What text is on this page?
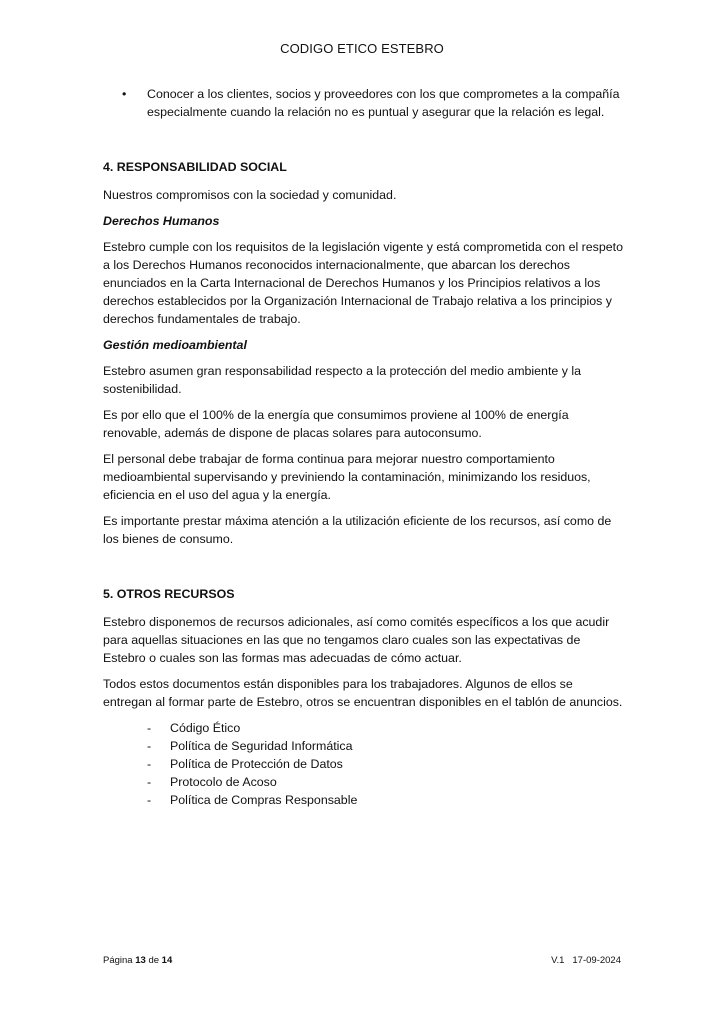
CODIGO ETICO ESTEBRO
• Conocer a los clientes, socios y proveedores con los que comprometes a la compañía especialmente cuando la relación no es puntual y asegurar que la relación es legal.
4. RESPONSABILIDAD SOCIAL

Nuestros compromisos con la sociedad y comunidad.

Derechos Humanos

Estebro cumple con los requisitos de la legislación vigente y está comprometida con el respeto a los Derechos Humanos reconocidos internacionalmente, que abarcan los derechos enunciados en la Carta Internacional de Derechos Humanos y los Principios relativos a los derechos establecidos por la Organización Internacional de Trabajo relativa a los principios y derechos fundamentales de trabajo.

Gestión medioambiental

Estebro asumen gran responsabilidad respecto a la protección del medio ambiente y la sostenibilidad.

Es por ello que el 100% de la energía que consumimos proviene al 100% de energía renovable, además de dispone de placas solares para autoconsumo.

El personal debe trabajar de forma continua para mejorar nuestro comportamiento medioambiental supervisando y previniendo la contaminación, minimizando los residuos, eficiencia en el uso del agua y la energía.

Es importante prestar máxima atención a la utilización eficiente de los recursos, así como de los bienes de consumo.

5. OTROS RECURSOS

Estebro disponemos de recursos adicionales, así como comités específicos a los que acudir para aquellas situaciones en las que no tengamos claro cuales son las expectativas de Estebro o cuales son las formas mas adecuadas de cómo actuar.

Todos estos documentos están disponibles para los trabajadores. Algunos de ellos se entregan al formar parte de Estebro, otros se encuentran disponibles en el tablón de anuncios.

- Código Ético
- Política de Seguridad Informática
- Política de Protección de Datos
- Protocolo de Acoso
- Política de Compras Responsable
Página 13 de 14	V.1 17-09-2024
